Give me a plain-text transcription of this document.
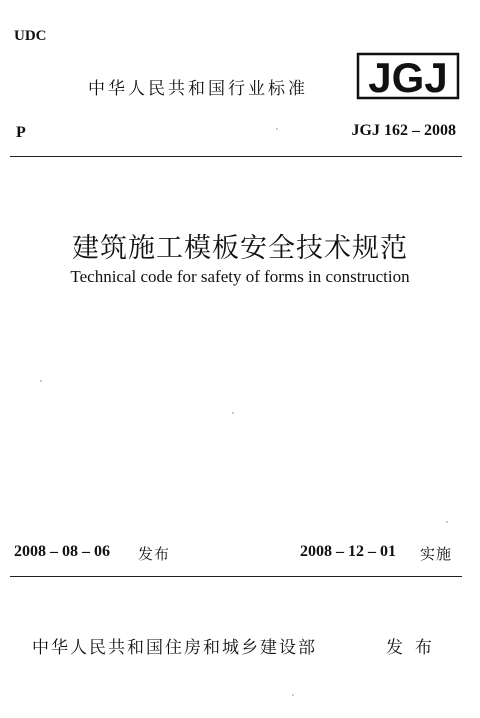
UDC
中华人民共和国行业标准 JGJ
P	JGJ 162 – 2008
建筑施工模板安全技术规范
Technical code for safety of forms in construction
2008 – 08 – 06 发布	2008 – 12 – 01 实施
中华人民共和国住房和城乡建设部	发布
